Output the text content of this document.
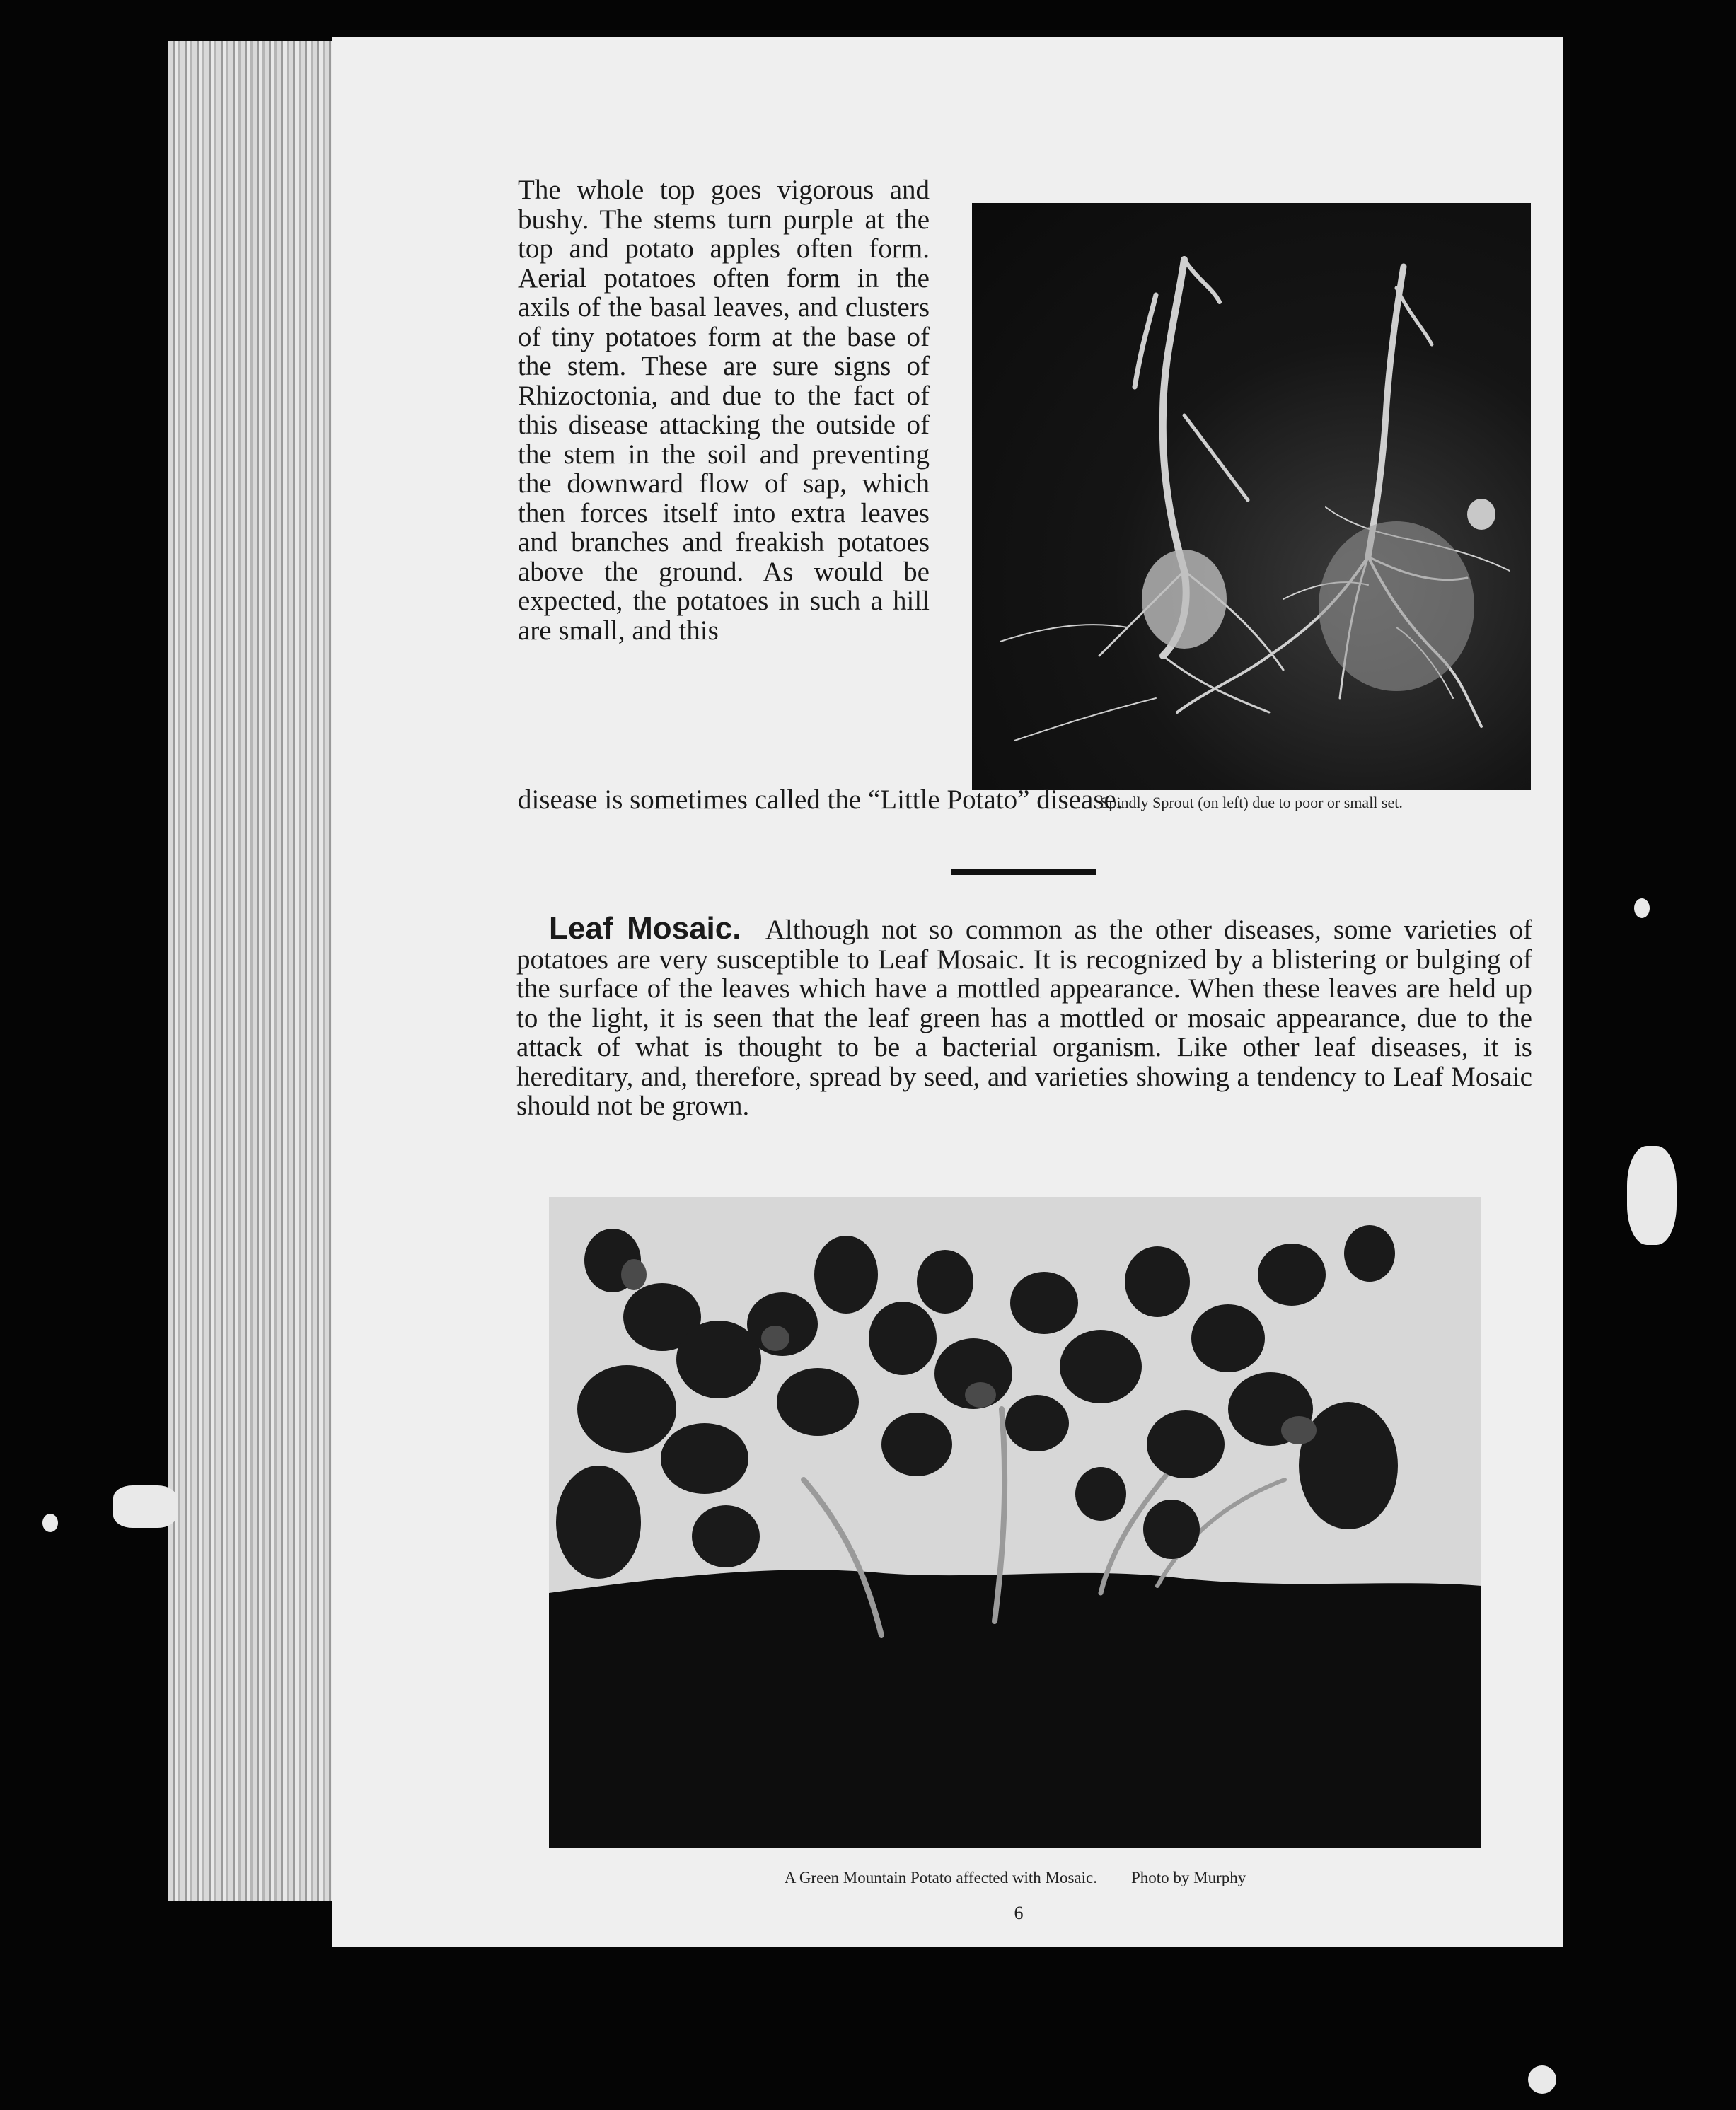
The whole top goes vigorous and bushy. The stems turn purple at the top and potato apples often form. Aerial potatoes often form in the axils of the basal leaves, and clusters of tiny potatoes form at the base of the stem. These are sure signs of Rhizoctonia, and due to the fact of this disease attacking the outside of the stem in the soil and preventing the downward flow of sap, which then forces itself into extra leaves and branches and freakish potatoes above the ground. As would be expected, the potatoes in such a hill are small, and this

Spindly Sprout (on left) due to poor or small set.

disease is sometimes called the “Little Potato” disease.

Leaf Mosaic. Although not so common as the other diseases, some varieties of potatoes are very susceptible to Leaf Mosaic. It is recognized by a blistering or bulging of the surface of the leaves which have a mottled appearance. When these leaves are held up to the light, it is seen that the leaf green has a mottled or mosaic appearance, due to the attack of what is thought to be a bacterial organism. Like other leaf diseases, it is hereditary, and, therefore, spread by seed, and varieties showing a tendency to Leaf Mosaic should not be grown.

A Green Mountain Potato affected with Mosaic. Photo by Murphy

6
